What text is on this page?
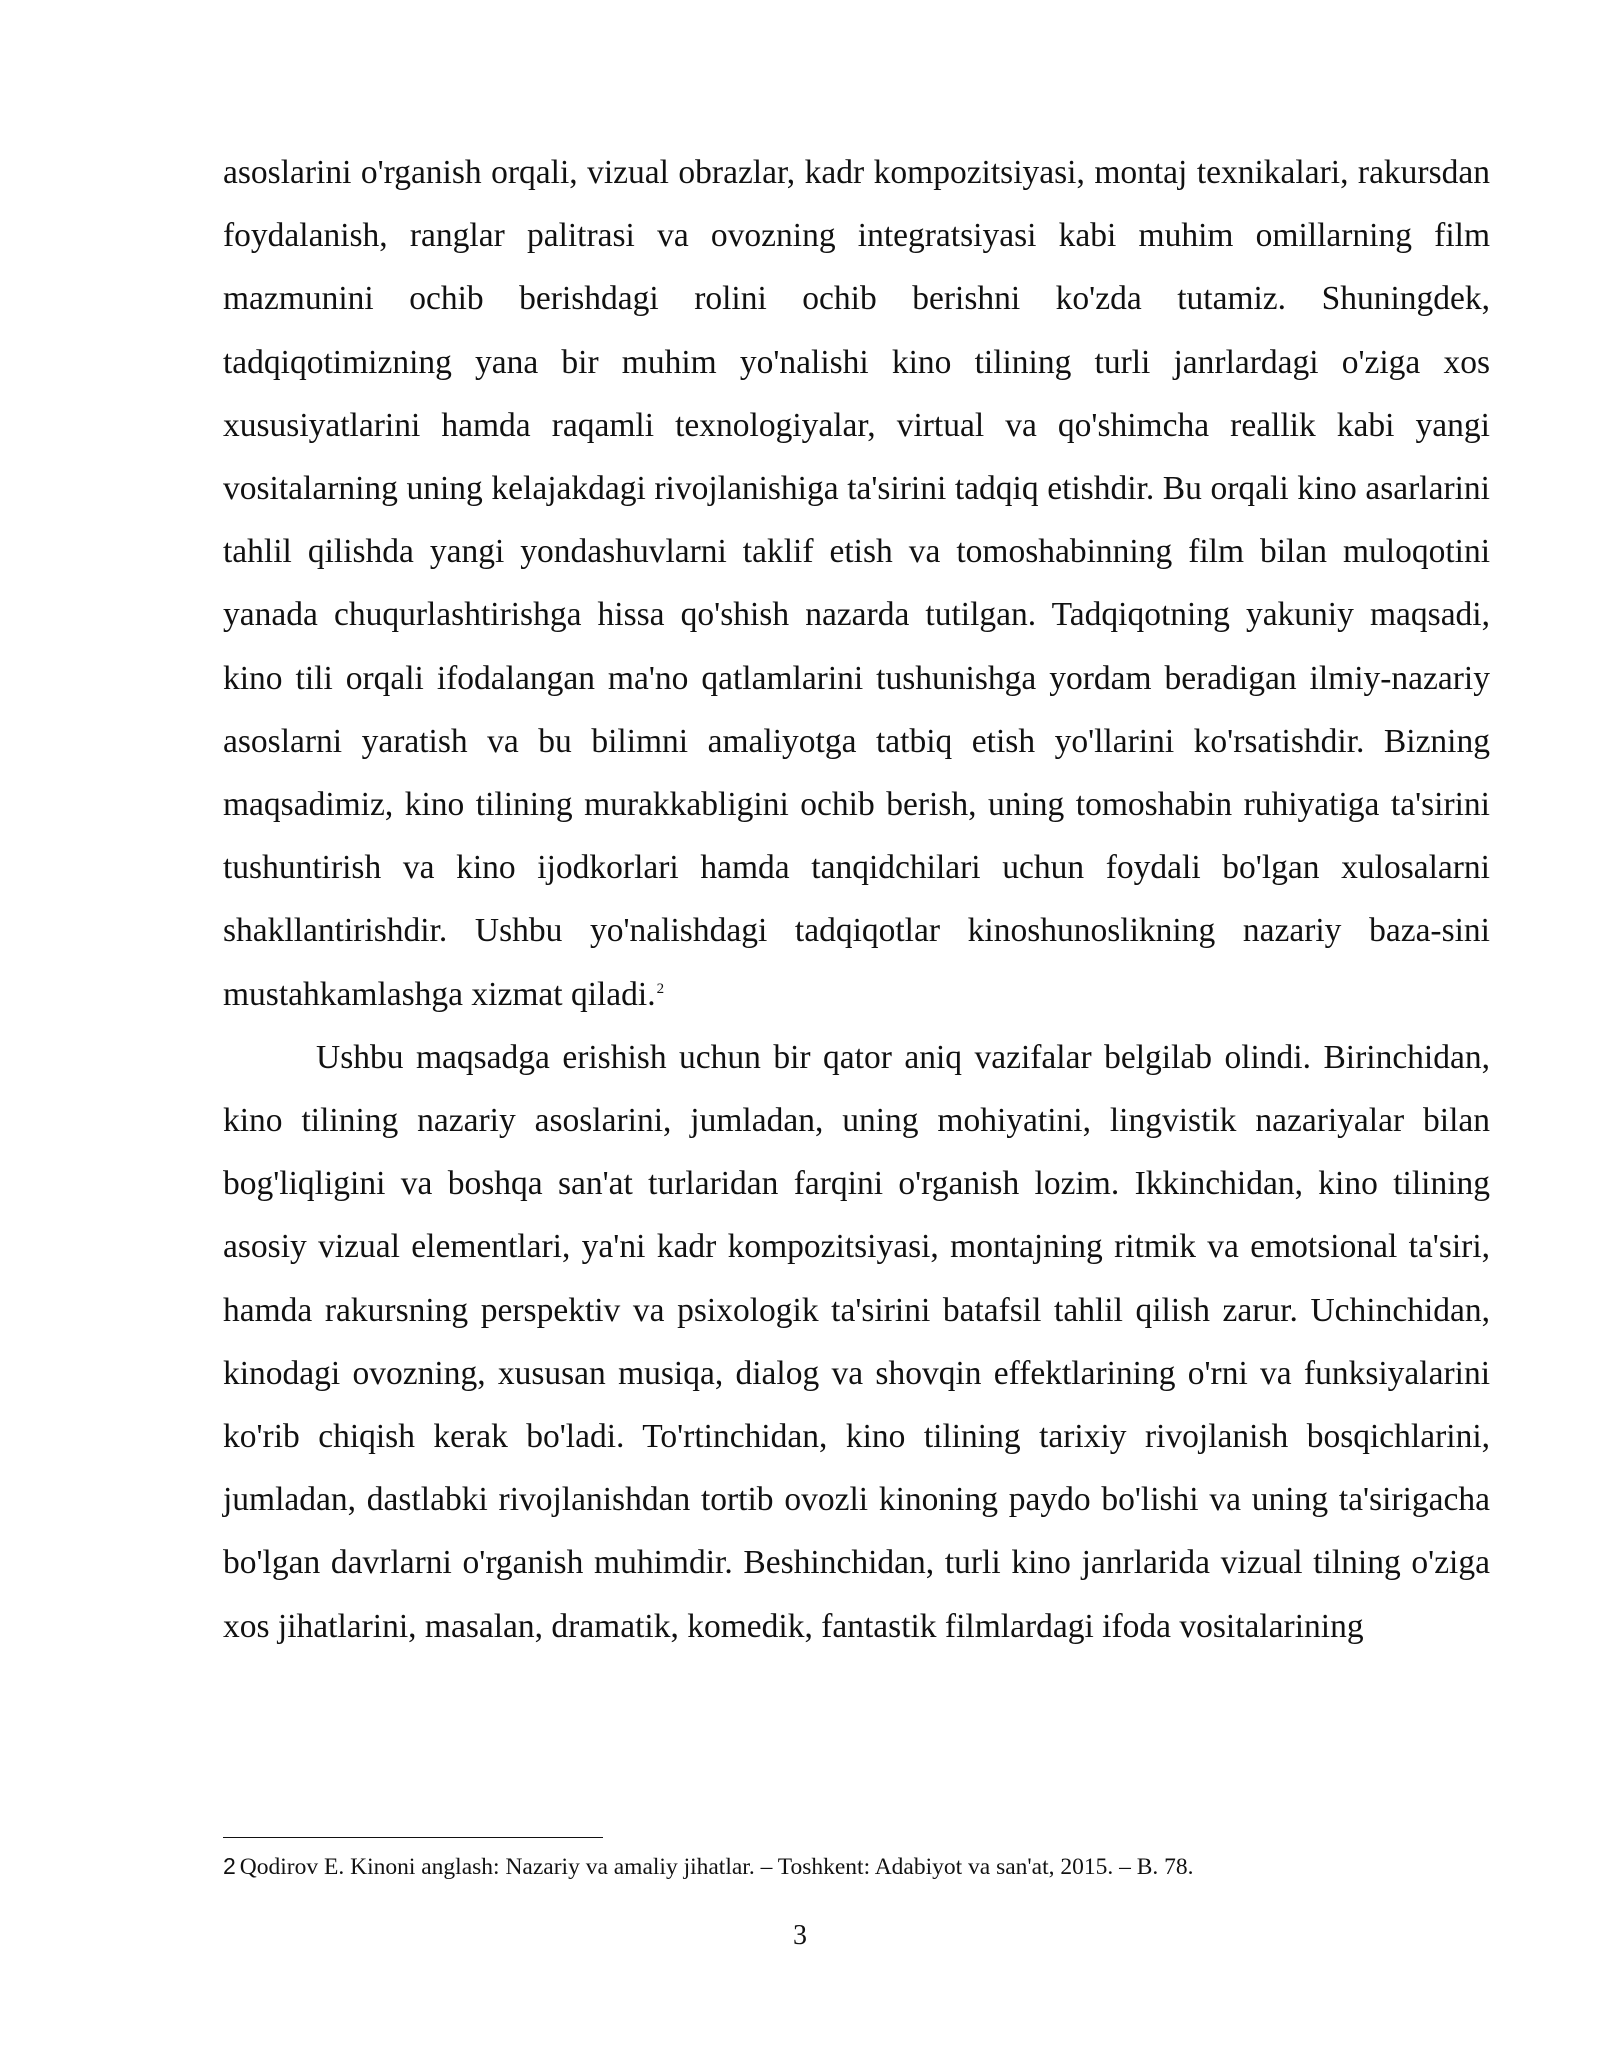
asoslarini o'rganish orqali, vizual obrazlar, kadr kompozitsiyasi, montaj texnikalari, rakursdan foydalanish, ranglar palitrasi va ovozning integratsiyasi kabi muhim omillarning film mazmunini ochib berishdagi rolini ochib berishni ko'zda tutamiz. Shuningdek, tadqiqotimizning yana bir muhim yo'nalishi kino tilining turli janrlardagi o'ziga xos xususiyatlarini hamda raqamli texnologiyalar, virtual va qo'shimcha reallik kabi yangi vositalarning uning kelajakdagi rivojlanishiga ta'sirini tadqiq etishdir. Bu orqali kino asarlarini tahlil qilishda yangi yondashuvlarni taklif etish va tomoshabinning film bilan muloqotini yanada chuqurlashtirishga hissa qo'shish nazarda tutilgan. Tadqiqotning yakuniy maqsadi, kino tili orqali ifodalangan ma'no qatlamlarini tushunishga yordam beradigan ilmiy-nazariy asoslarni yaratish va bu bilimni amaliyotga tatbiq etish yo'llarini ko'rsatishdir. Bizning maqsadimiz, kino tilining murakkabligini ochib berish, uning tomoshabin ruhiyatiga ta'sirini tushuntirish va kino ijodkorlari hamda tanqidchilari uchun foydali bo'lgan xulosalarni shakllantirishdir. Ushbu yo'nalishdagi tadqiqotlar kinoshunoslikning nazariy baza-sini mustahkamlashga xizmat qiladi.$^2$

Ushbu maqsadga erishish uchun bir qator aniq vazifalar belgilab olindi. Birinchidan, kino tilining nazariy asoslarini, jumladan, uning mohiyatini, lingvistik nazariyalar bilan bog'liqligini va boshqa san'at turlaridan farqini o'rganish lozim. Ikkinchidan, kino tilining asosiy vizual elementlari, ya'ni kadr kompozitsiyasi, montajning ritmik va emotsional ta'siri, hamda rakursning perspektiv va psixologik ta'sirini batafsil tahlil qilish zarur. Uchinchidan, kinodagi ovozning, xususan musiqa, dialog va shovqin effektlarining o'rni va funksiyalarini ko'rib chiqish kerak bo'ladi. To'rtinchidan, kino tilining tarixiy rivojlanish bosqichlarini, jumladan, dastlabki rivojlanishdan tortib ovozli kinoning paydo bo'lishi va uning ta'sirigacha bo'lgan davrlarni o'rganish muhimdir. Beshinchidan, turli kino janrlarida vizual tilning o'ziga xos jihatlarini, masalan, dramatik, komedik, fantastik filmlardagi ifoda vositalarining

2 Qodirov E. Kinoni anglash: Nazariy va amaliy jihatlar. – Toshkent: Adabiyot va san'at, 2015. – B. 78.
3
